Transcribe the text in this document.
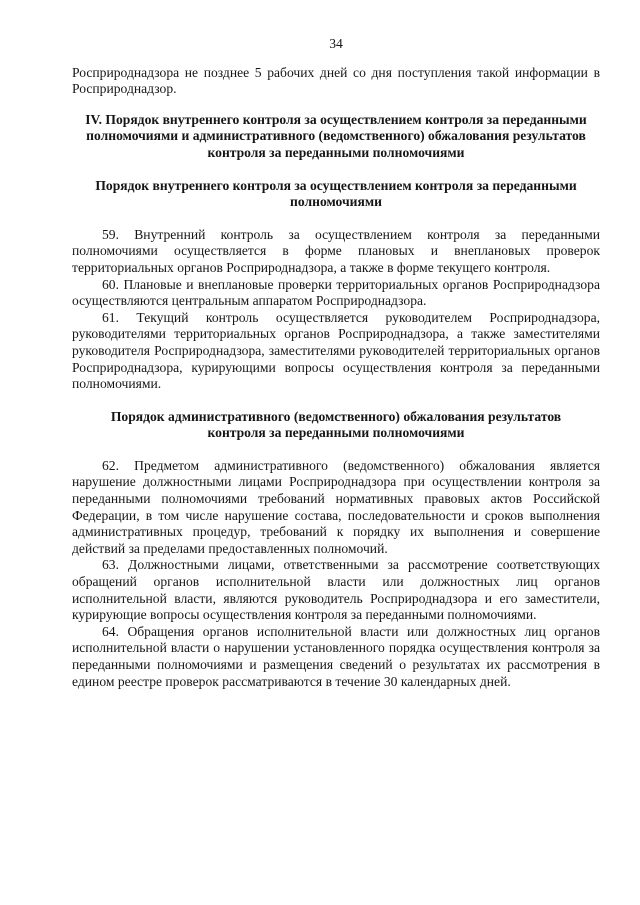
34

Росприроднадзора не позднее 5 рабочих дней со дня поступления такой информации в Росприроднадзор.

IV. Порядок внутреннего контроля за осуществлением контроля за переданными полномочиями и административного (ведомственного) обжалования результатов контроля за переданными полномочиями
Порядок внутреннего контроля за осуществлением контроля за переданными полномочиями

59. Внутренний контроль за осуществлением контроля за переданными полномочиями осуществляется в форме плановых и внеплановых проверок территориальных органов Росприроднадзора, а также в форме текущего контроля.

60. Плановые и внеплановые проверки территориальных органов Росприроднадзора осуществляются центральным аппаратом Росприроднадзора.

61. Текущий контроль осуществляется руководителем Росприроднадзора, руководителями территориальных органов Росприроднадзора, а также заместителями руководителя Росприроднадзора, заместителями руководителей территориальных органов Росприроднадзора, курирующими вопросы осуществления контроля за переданными полномочиями.

Порядок административного (ведомственного) обжалования результатов контроля за переданными полномочиями

62. Предметом административного (ведомственного) обжалования является нарушение должностными лицами Росприроднадзора при осуществлении контроля за переданными полномочиями требований нормативных правовых актов Российской Федерации, в том числе нарушение состава, последовательности и сроков выполнения административных процедур, требований к порядку их выполнения и совершение действий за пределами предоставленных полномочий.

63. Должностными лицами, ответственными за рассмотрение соответствующих обращений органов исполнительной власти или должностных лиц органов исполнительной власти, являются руководитель Росприроднадзора и его заместители, курирующие вопросы осуществления контроля за переданными полномочиями.

64. Обращения органов исполнительной власти или должностных лиц органов исполнительной власти о нарушении установленного порядка осуществления контроля за переданными полномочиями и размещения сведений о результатах их рассмотрения в едином реестре проверок рассматриваются в течение 30 календарных дней.
